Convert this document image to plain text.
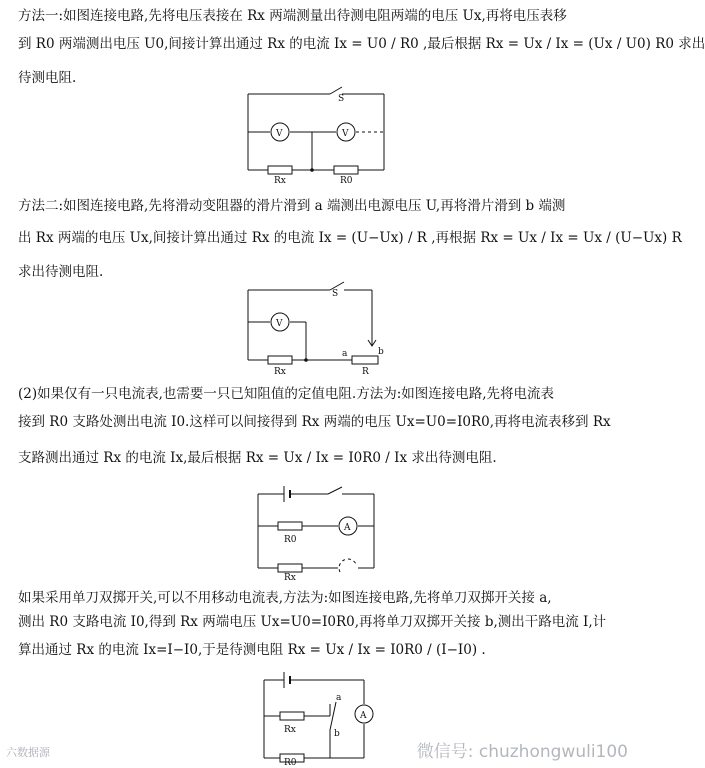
方法一:如图连接电路,先将电压表接在 Rx 两端测量出待测电阻两端的电压 Ux,再将电压表移
到 R0 两端测出电压 U0,间接计算出通过 Rx 的电流 Ix = U0 / R0 ,最后根据 Rx = Ux / Ix = (Ux / U0) R0 求出
待测电阻.
S
V	V
Rx	R0
方法二:如图连接电路,先将滑动变阻器的滑片滑到 a 端测出电源电压 U,再将滑片滑到 b 端测
出 Rx 两端的电压 Ux,间接计算出通过 Rx 的电流 Ix = (U−Ux) / R ,再根据 Rx = Ux / Ix = Ux / (U−Ux) R
求出待测电阻.
S
V
Rx	R
a	b
(2)如果仅有一只电流表,也需要一只已知阻值的定值电阻.方法为:如图连接电路,先将电流表
接到 R0 支路处测出电流 I0.这样可以间接得到 Rx 两端的电压 Ux=U0=I0R0,再将电流表移到 Rx
支路测出通过 Rx 的电流 Ix,最后根据 Rx = Ux / Ix = I0R0 / Ix 求出待测电阻.
A
R0
Rx
如果采用单刀双掷开关,可以不用移动电流表,方法为:如图连接电路,先将单刀双掷开关接 a,
测出 R0 支路电流 I0,得到 Rx 两端电压 Ux=U0=I0R0,再将单刀双掷开关接 b,测出干路电流 I,计
算出通过 Rx 的电流 Ix=I−I0,于是待测电阻 Rx = Ux / Ix = I0R0 / (I−I0) .
a
b
A
Rx
R0
微信号: chuzhongwuli100
六数据源
